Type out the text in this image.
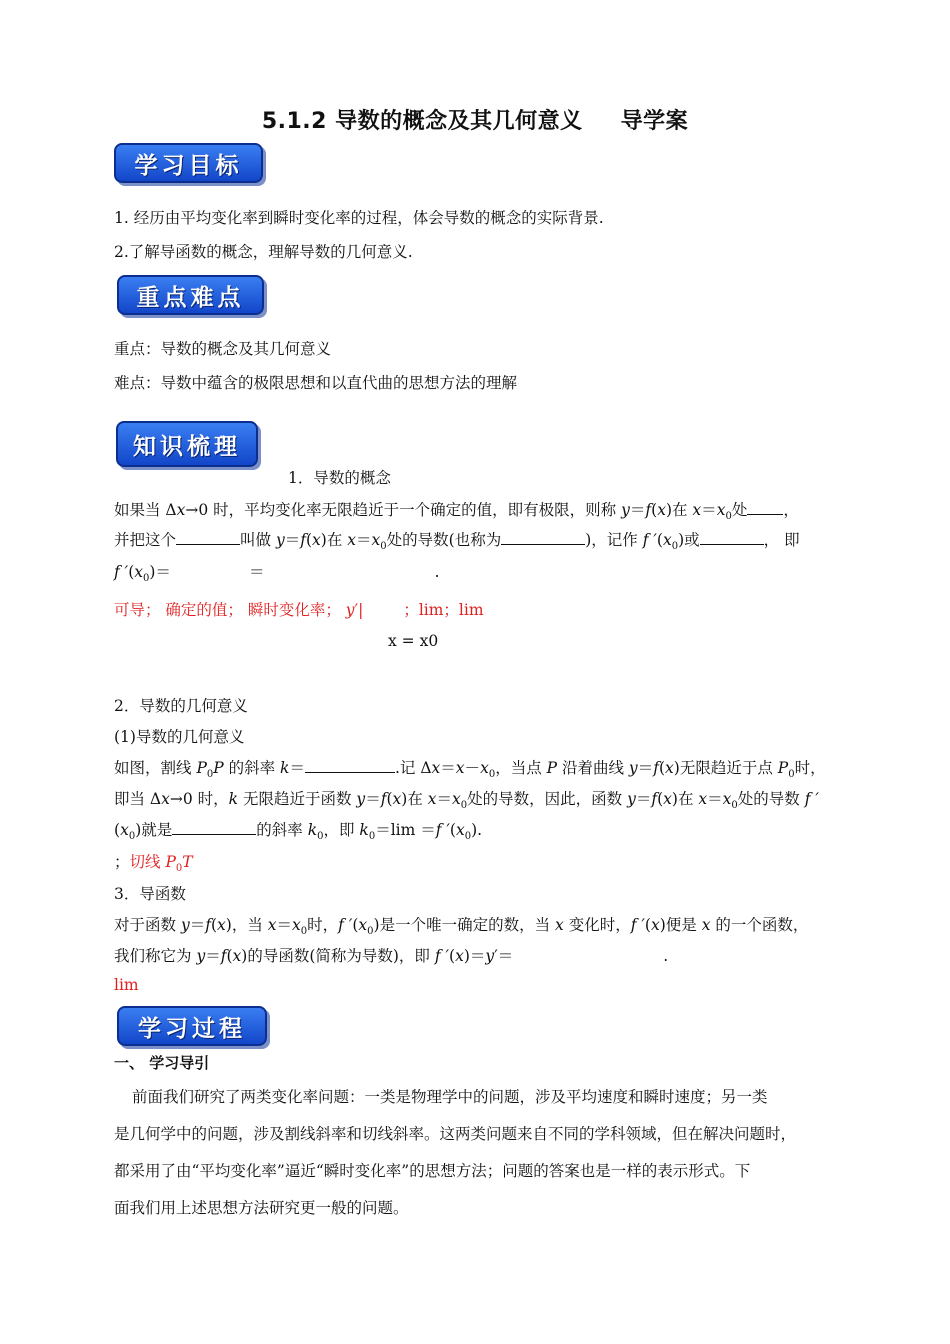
5.1.2 导数的概念及其几何意义 导学案
学习目标
1. 经历由平均变化率到瞬时变化率的过程，体会导数的概念的实际背景.
2.了解导函数的概念，理解导数的几何意义.
重点难点
重点：导数的概念及其几何意义
难点：导数中蕴含的极限思想和以直代曲的思想方法的理解
知识梳理
1．导数的概念
如果当 Δx→0 时，平均变化率无限趋近于一个确定的值，即有极限，则称 y＝f(x)在 $x=x_0$处 ，
并把这个	叫做 y＝f(x)在 $x=x_0$处的导数(也称为	)，记作 f $'(x_0)$或	， 即
f $'(x_0)=$	＝	.
可导； 确定的值； 瞬时变化率； y′|	；lim；lim
x = x0
2．导数的几何意义
(1)导数的几何意义
如图，割线 $P_0P$ 的斜率 k＝	.记 $\Delta x=x-x_0$，当点 P 沿着曲线 y＝f(x)无限趋近于点 $P_0$时，
即当 Δx→0 时，k 无限趋近于函数 y＝f(x)在 $x=x_0$处的导数，因此，函数 y＝f(x)在 $x=x_0$处的导数 f ′
$(x_0)$就是	的斜率 $k_0$，即 $k_0=\lim =f$ $'(x_0)$.
；切线 $P_0T$
3．导函数
对于函数 y＝f(x)，当 $x=x_0$时，f $'(x_0)$是一个唯一确定的数，当 x 变化时，f ′(x)便是 x 的一个函数，
我们称它为 y＝f(x)的导函数(简称为导数)，即 f ′(x)＝y′＝	.
lim
学习过程
一、 学习导引
前面我们研究了两类变化率问题：一类是物理学中的问题，涉及平均速度和瞬时速度；另一类
是几何学中的问题，涉及割线斜率和切线斜率。这两类问题来自不同的学科领域，但在解决问题时，
都采用了由“平均变化率”逼近“瞬时变化率”的思想方法；问题的答案也是一样的表示形式。下
面我们用上述思想方法研究更一般的问题。
